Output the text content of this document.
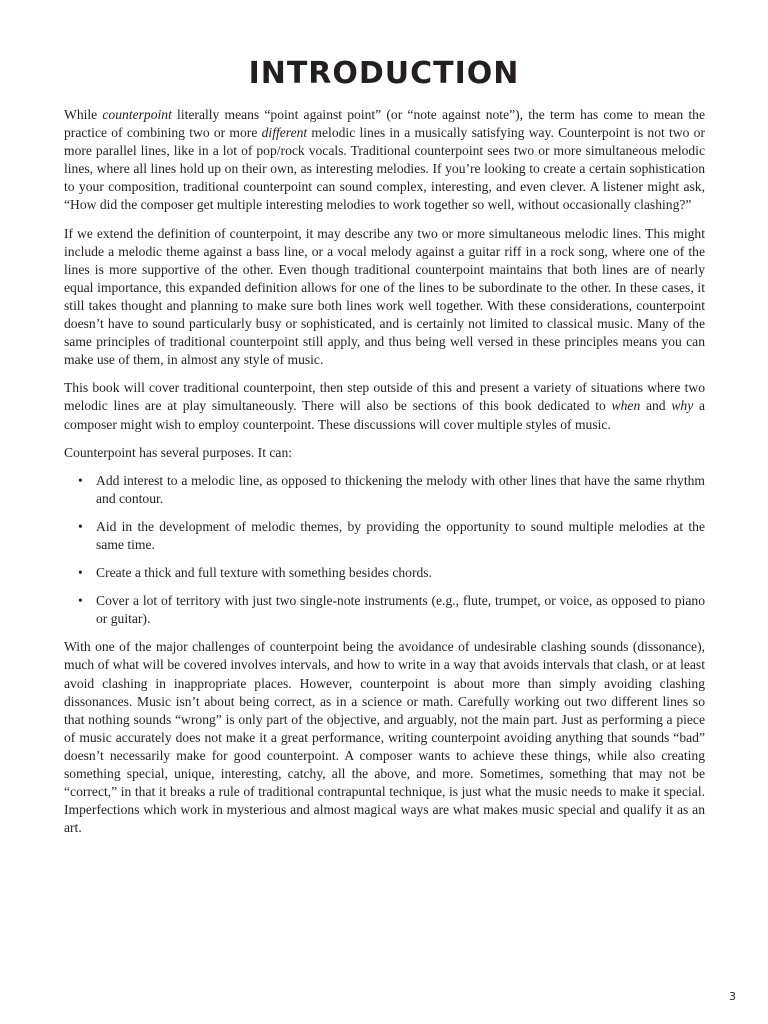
INTRODUCTION

While counterpoint literally means “point against point” (or “note against note”), the term has come to mean the practice of combining two or more different melodic lines in a musically satisfying way. Counterpoint is not two or more parallel lines, like in a lot of pop/rock vocals. Traditional counterpoint sees two or more simultaneous melodic lines, where all lines hold up on their own, as interesting melodies. If you’re looking to create a certain sophistication to your composition, traditional counterpoint can sound complex, interesting, and even clever. A listener might ask, “How did the composer get multiple interesting melodies to work together so well, without occasionally clashing?”

If we extend the definition of counterpoint, it may describe any two or more simultaneous melodic lines. This might include a melodic theme against a bass line, or a vocal melody against a guitar riff in a rock song, where one of the lines is more supportive of the other. Even though traditional counterpoint maintains that both lines are of nearly equal importance, this expanded definition allows for one of the lines to be subordinate to the other. In these cases, it still takes thought and planning to make sure both lines work well together. With these considerations, counterpoint doesn’t have to sound particularly busy or sophisticated, and is certainly not limited to classical music. Many of the same principles of traditional counterpoint still apply, and thus being well versed in these principles means you can make use of them, in almost any style of music.

This book will cover traditional counterpoint, then step outside of this and present a variety of situations where two melodic lines are at play simultaneously. There will also be sections of this book dedicated to when and why a composer might wish to employ counterpoint. These discussions will cover multiple styles of music.

Counterpoint has several purposes. It can:

• Add interest to a melodic line, as opposed to thickening the melody with other lines that have the same rhythm and contour.
• Aid in the development of melodic themes, by providing the opportunity to sound multiple melodies at the same time.
• Create a thick and full texture with something besides chords.
• Cover a lot of territory with just two single-note instruments (e.g., flute, trumpet, or voice, as opposed to piano or guitar).

With one of the major challenges of counterpoint being the avoidance of undesirable clashing sounds (dissonance), much of what will be covered involves intervals, and how to write in a way that avoids intervals that clash, or at least avoid clashing in inappropriate places. However, counterpoint is about more than simply avoiding clashing dissonances. Music isn’t about being correct, as in a science or math. Carefully working out two different lines so that nothing sounds “wrong” is only part of the objective, and arguably, not the main part. Just as performing a piece of music accurately does not make it a great performance, writing counterpoint avoiding anything that sounds “bad” doesn’t necessarily make for good counterpoint. A composer wants to achieve these things, while also creating something special, unique, interesting, catchy, all the above, and more. Sometimes, something that may not be “correct,” in that it breaks a rule of traditional contrapuntal technique, is just what the music needs to make it special. Imperfections which work in mysterious and almost magical ways are what makes music special and qualify it as an art.

3
